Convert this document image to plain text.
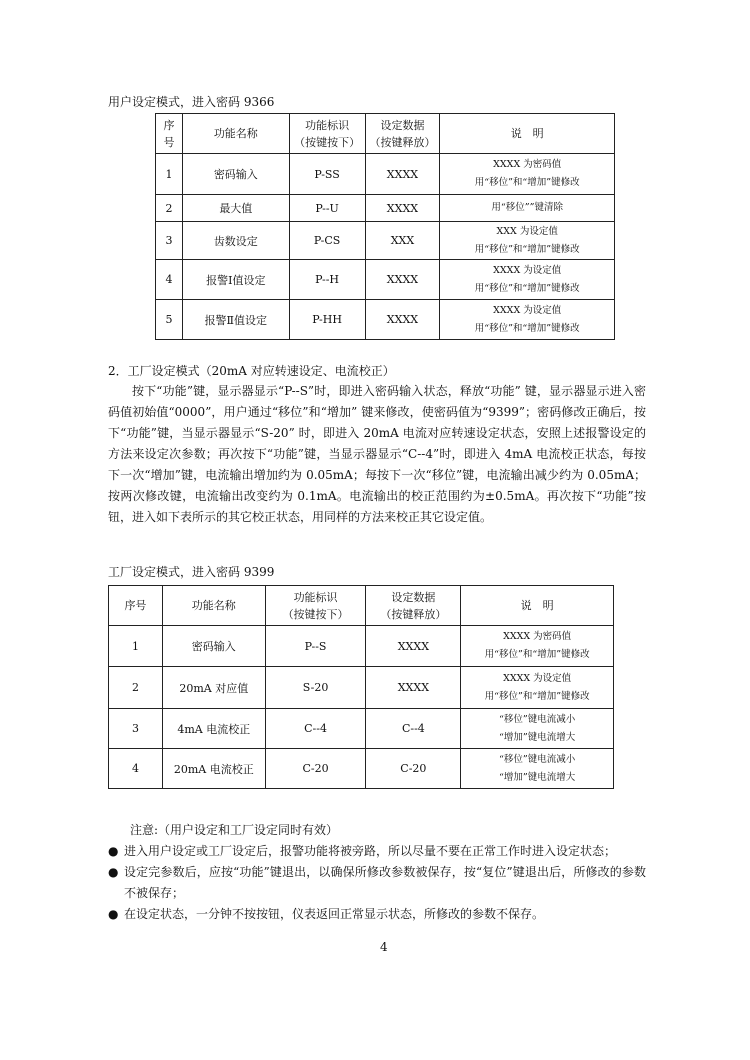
用户设定模式，进入密码 9366
序
号	功能名称	功能标识
（按键按下）	设定数据
（按键释放）	说　明
1	密码输入	P-SS	XXXX	XXXX 为密码值
用“移位”和“增加”键修改
2	最大值	P--U	XXXX	用“移位””键清除
3	齿数设定	P-CS	XXX	XXX 为设定值
用“移位”和“增加”键修改
4	报警Ⅰ值设定	P--H	XXXX	XXXX 为设定值
用“移位”和“增加”键修改
5	报警Ⅱ值设定	P-HH	XXXX	XXXX 为设定值
用“移位”和“增加”键修改
2．工厂设定模式（20mA 对应转速设定、电流校正）

按下“功能”键，显示器显示“P--S”时，即进入密码输入状态，释放“功能” 键，显示器显示进入密码值初始值“0000”，用户通过“移位”和“增加” 键来修改，使密码值为“9399”；密码修改正确后，按下“功能”键，当显示器显示“S-20” 时，即进入 20mA 电流对应转速设定状态，安照上述报警设定的方法来设定次参数；再次按下“功能”键，当显示器显示“C--4”时，即进入 4mA 电流校正状态，每按下一次“增加”键，电流输出增加约为 0.05mA；每按下一次“移位”键，电流输出减少约为 0.05mA；按两次修改键，电流输出改变约为 0.1mA。电流输出的校正范围约为±0.5mA。再次按下“功能”按钮，进入如下表所示的其它校正状态，用同样的方法来校正其它设定值。

工厂设定模式，进入密码 9399
序号	功能名称	功能标识
（按键按下）	设定数据
（按键释放）	说　明
1	密码输入	P--S	XXXX	XXXX 为密码值
用“移位”和“增加”键修改
2	20mA 对应值	S-20	XXXX	XXXX 为设定值
用“移位”和“增加”键修改
3	4mA 电流校正	C--4	C--4	“移位”键电流减小
“增加”键电流增大
4	20mA 电流校正	C-20	C-20	“移位”键电流减小
“增加”键电流增大
注意:（用户设定和工厂设定同时有效）
● 进入用户设定或工厂设定后，报警功能将被旁路，所以尽量不要在正常工作时进入设定状态；
● 设定完参数后，应按“功能”键退出，以确保所修改参数被保存，按“复位”键退出后，所修改的参数不被保存；
● 在设定状态，一分钟不按按钮，仪表返回正常显示状态，所修改的参数不保存。
4
